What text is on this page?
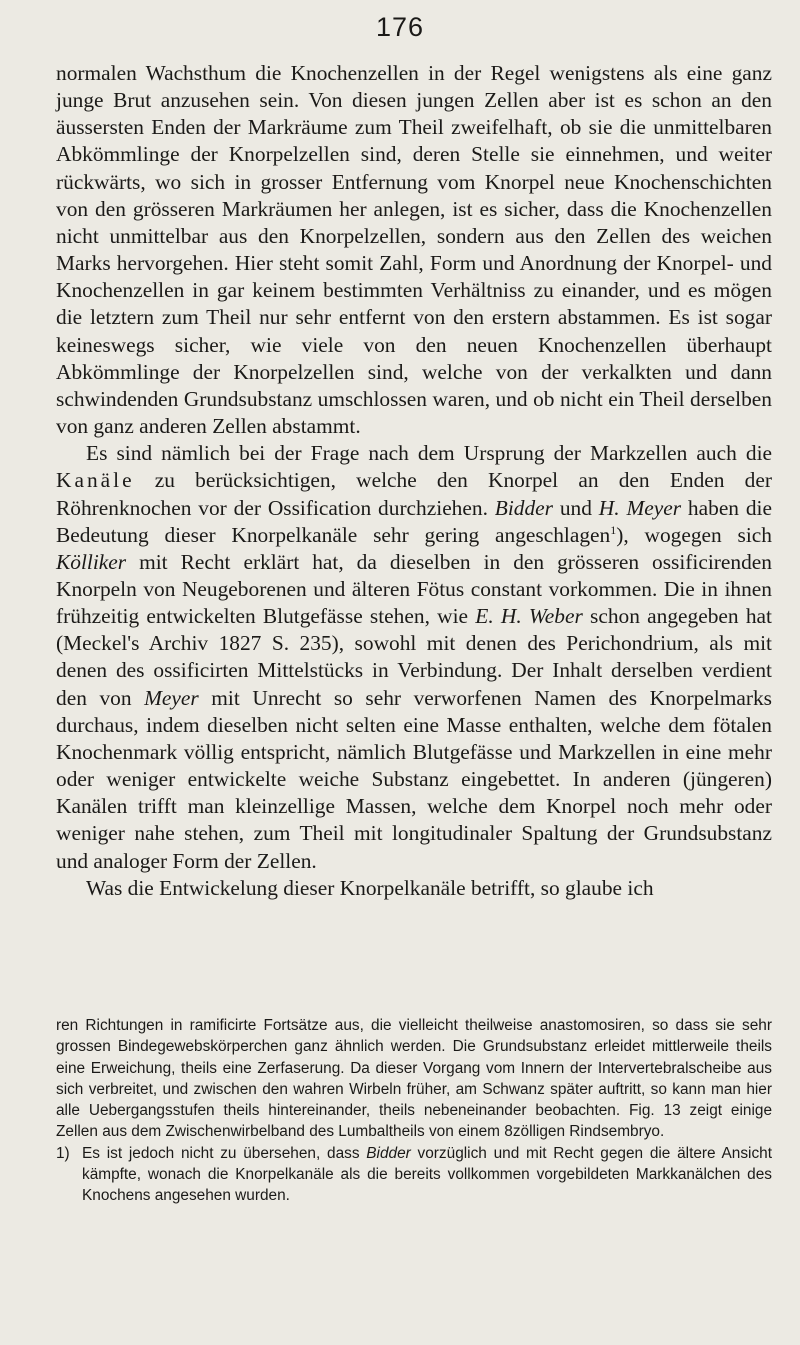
176

normalen Wachsthum die Knochenzellen in der Regel wenigstens als eine ganz junge Brut anzusehen sein. Von diesen jungen Zellen aber ist es schon an den äussersten Enden der Markräume zum Theil zweifelhaft, ob sie die unmittelbaren Abkömmlinge der Knorpelzellen sind, deren Stelle sie einnehmen, und weiter rückwärts, wo sich in grosser Entfernung vom Knorpel neue Knochenschichten von den grösseren Markräumen her anlegen, ist es sicher, dass die Knochenzellen nicht unmittelbar aus den Knorpelzellen, sondern aus den Zellen des weichen Marks hervorgehen. Hier steht somit Zahl, Form und Anordnung der Knorpel- und Knochenzellen in gar keinem bestimmten Verhältniss zu einander, und es mögen die letztern zum Theil nur sehr entfernt von den erstern abstammen. Es ist sogar keineswegs sicher, wie viele von den neuen Knochenzellen überhaupt Abkömmlinge der Knorpelzellen sind, welche von der verkalkten und dann schwindenden Grundsubstanz umschlossen waren, und ob nicht ein Theil derselben von ganz anderen Zellen abstammt.

Es sind nämlich bei der Frage nach dem Ursprung der Markzellen auch die Kanäle zu berücksichtigen, welche den Knorpel an den Enden der Röhrenknochen vor der Ossification durchziehen. Bidder und H. Meyer haben die Bedeutung dieser Knorpelkanäle sehr gering angeschlagen$^1$), wogegen sich Kölliker mit Recht erklärt hat, da dieselben in den grösseren ossificirenden Knorpeln von Neugeborenen und älteren Fötus constant vorkommen. Die in ihnen frühzeitig entwickelten Blutgefässe stehen, wie E. H. Weber schon angegeben hat (Meckel's Archiv 1827 S. 235), sowohl mit denen des Perichondrium, als mit denen des ossificirten Mittelstücks in Verbindung. Der Inhalt derselben verdient den von Meyer mit Unrecht so sehr verworfenen Namen des Knorpelmarks durchaus, indem dieselben nicht selten eine Masse enthalten, welche dem fötalen Knochenmark völlig entspricht, nämlich Blutgefässe und Markzellen in eine mehr oder weniger entwickelte weiche Substanz eingebettet. In anderen (jüngeren) Kanälen trifft man kleinzellige Massen, welche dem Knorpel noch mehr oder weniger nahe stehen, zum Theil mit longitudinaler Spaltung der Grundsubstanz und analoger Form der Zellen.

Was die Entwickelung dieser Knorpelkanäle betrifft, so glaube ich

ren Richtungen in ramificirte Fortsätze aus, die vielleicht theilweise anastomosiren, so dass sie sehr grossen Bindegewebskörperchen ganz ähnlich werden. Die Grundsubstanz erleidet mittlerweile theils eine Erweichung, theils eine Zerfaserung. Da dieser Vorgang vom Innern der Intervertebralscheibe aus sich verbreitet, und zwischen den wahren Wirbeln früher, am Schwanz später auftritt, so kann man hier alle Uebergangsstufen theils hintereinander, theils nebeneinander beobachten. Fig. 13 zeigt einige Zellen aus dem Zwischenwirbelband des Lumbaltheils von einem 8zölligen Rindsembryo.

1) Es ist jedoch nicht zu übersehen, dass Bidder vorzüglich und mit Recht gegen die ältere Ansicht kämpfte, wonach die Knorpelkanäle als die bereits vollkommen vorgebildeten Markkanälchen des Knochens angesehen wurden.
